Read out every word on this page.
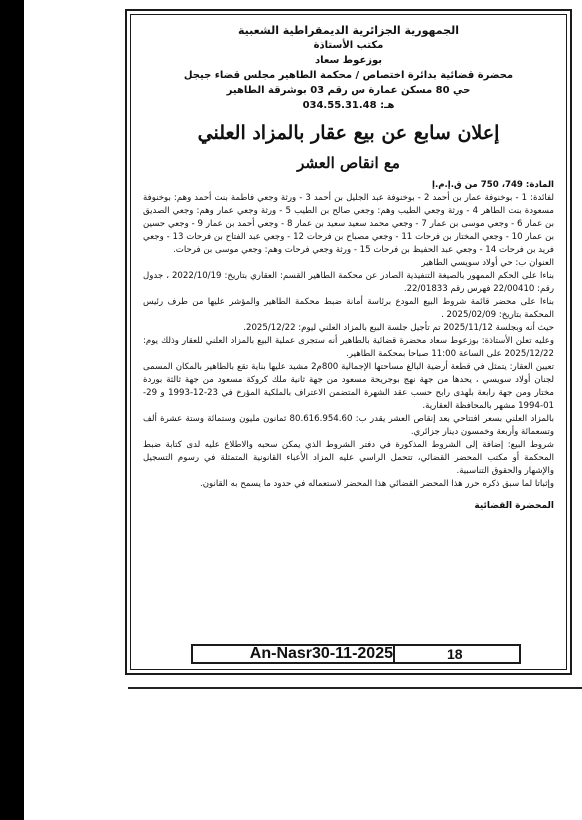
الجمهورية الجزائرية الديمقراطية الشعبية
مكتب الأستاذة
بوزعوط سعاد
محضرة قضائية بدائرة اختصاص / محكمة الطاهير مجلس قضاء جيجل
حي 80 مسكن عمارة س رقم 03 بوشرقة الطاهير
هـ: 034.55.31.48
إعلان سابع عن بيع عقار بالمزاد العلني
مع انقاص العشر
المادة: 749، 750 من ق.إ.م.إ
لفائدة: 1 - بوخنوفة عمار بن أحمد 2 - بوخنوفة عبد الجليل بن أحمد 3 - ورثة وجعي فاطمة بنت أحمد وهم: بوخنوفة مسعودة بنت الطاهر 4 - ورثة وجعي الطيب وهم: وجعي صالح بن الطيب 5 - ورثة وجعي عمار وهم: وجعي الصديق بن عمار 6 - وجعي موسى بن عمار 7 - وجعي محمد سعيد سعيد بن عمار 8 - وجعي أحمد بن عمار 9 - وجعي حسين بن عمار 10 - وجعي المختار بن فرحات 11 - وجعي مصباح بن فرحات 12 - وجعي عبد الفتاح بن فرحات 13 - وجعي فريد بن فرحات 14 - وجعي عبد الحفيظ بن فرحات 15 - ورثة وجعي فرحات وهم: وجعي موسى بن فرحات.
العنوان ب: حي أولاد سويسي الطاهير
بناءا على الحكم الممهور بالصيغة التنفيذية الصادر عن محكمة الطاهير القسم: العقاري بتاريخ: 2022/10/19 ، جدول رقم: 22/00410 فهرس رقم 22/01833.
بناءا على محضر قائمة شروط البيع المودع برئاسة أمانة ضبط محكمة الطاهير والمؤشر عليها من طرف رئيس المحكمة بتاريخ: 2025/02/09 .
حيث أنه وبجلسة 2025/11/12 تم تأجيل جلسة البيع بالمزاد العلني ليوم: 2025/12/22.
وعليه تعلن الأستاذة: بوزعوط سعاد محضرة قضائية بالطاهير أنه ستجرى عملية البيع بالمزاد العلني للعقار وذلك يوم: 2025/12/22 على الساعة 11:00 صباحا بمحكمة الطاهير.
تعيين العقار: يتمثل في قطعة أرضية البالغ مساحتها الإجمالية 800م2 مشيد عليها بناية تقع بالطاهير بالمكان المسمى لجنان أولاد سويسي ، يحدها من جهة نهج بوجريحة مسعود من جهة ثانية ملك كروكة مسعود من جهة ثالثة بوردة مختار ومن جهة رابعة بلهدى رابح حسب عقد الشهرة المتضمن الاعتراف بالملكية المؤرخ في 23-12-1993 و 29-01-1994 مشهر بالمحافظة العقارية.
بالمزاد العلني بسعر افتتاحي بعد إنقاص العشر يقدر ب: 80.616.954.60 ثمانون مليون وستمائة وستة عشرة ألف وتسعمائة وأربعة وخمسون دينار جزائري.
شروط البيع: إضافة إلى الشروط المذكورة في دفتر الشروط الذي يمكن سحبه والاطلاع عليه لدى كتابة ضبط المحكمة أو مكتب المحضر القضائي، تتحمل الراسي عليه المزاد الأعباء القانونية المتمثلة في رسوم التسجيل والإشهار والحقوق التناسبية.
وإثباتا لما سبق ذكره حرر هذا المحضر القضائي هذا المحضر لاستعماله في حدود ما يسمح به القانون.
المحضرة القضائية
An-Nasr30-11-2025	18
